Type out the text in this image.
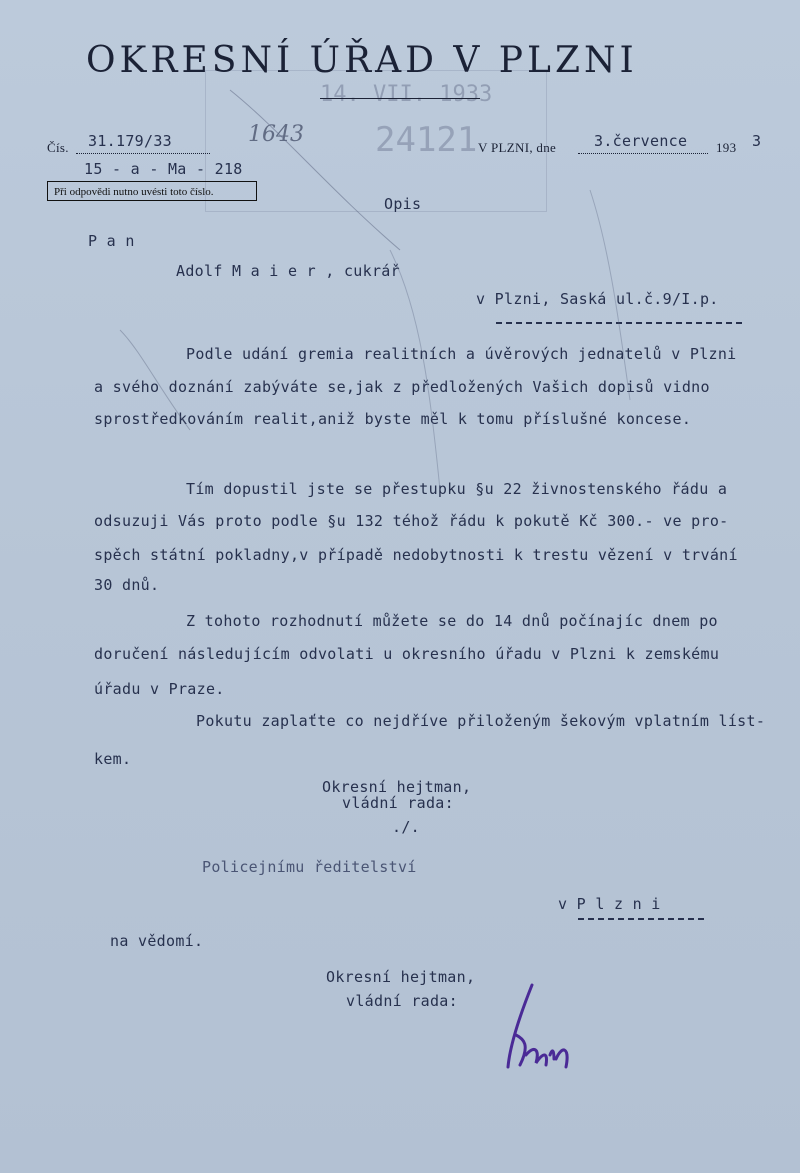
14. VII. 1933
24121
1643
OKRESNÍ ÚŘAD V PLZNI
Čís. 31.179/33	V PLZNI, dne	3.července 193 3
15 - a - Ma - 218
Při odpovědi nutno uvésti toto číslo.
Opis
P a n
Adolf M a i e r , cukrář
v Plzni, Saská ul.č.9/I.p.
Podle udání gremia realitních a úvěrových jednatelů v Plzni
a svého doznání zabýváte se,jak z předložených Vašich dopisů vidno
sprostředkováním realit,aniž byste měl k tomu příslušné koncese.
Tím dopustil jste se přestupku §u 22 živnostenského řádu a
odsuzuji Vás proto podle §u 132 téhož řádu k pokutě Kč 300.- ve pro-
spěch státní pokladny,v případě nedobytnosti k trestu vězení v trvání
30 dnů.
Z tohoto rozhodnutí můžete se do 14 dnů počínajíc dnem po
doručení následujícím odvolati u okresního úřadu v Plzni k zemskému
úřadu v Praze.
Pokutu zaplaťte co nejdříve přiloženým šekovým vplatním líst-
kem.
Okresní hejtman,
vládní rada:
./.
Policejnímu ředitelství
v P l z n i
na vědomí.
Okresní hejtman,
vládní rada:
